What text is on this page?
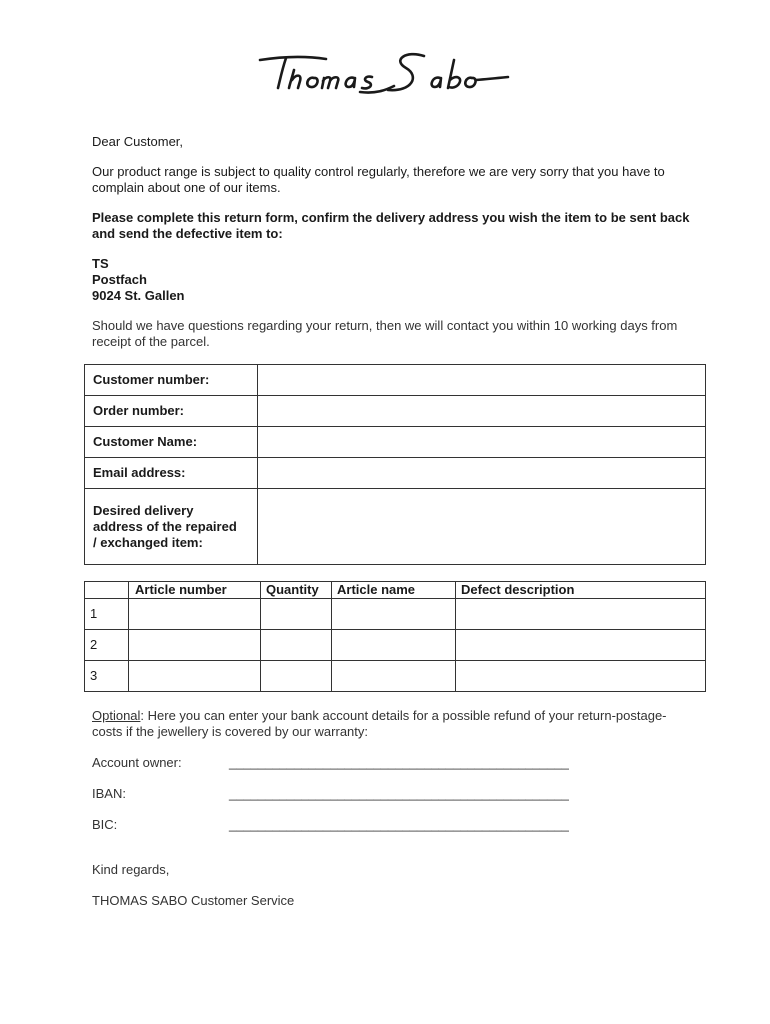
Dear Customer,
Our product range is subject to quality control regularly, therefore we are very sorry that you have to complain about one of our items.
Please complete this return form, confirm the delivery address you wish the item to be sent back and send the defective item to:
TS
Postfach
9024 St. Gallen
Should we have questions regarding your return, then we will contact you within 10 working days from receipt of the parcel.
Customer number:	
Order number:	
Customer Name:	
Email address:	

Desired delivery
address of the repaired
/ exchanged item:	

	Article number	Quantity	Article name	Defect description
1				
2				
3				
Optional: Here you can enter your bank account details for a possible refund of your return-postage-costs if the jewellery is covered by our warranty:
Account owner:	_______________________________________________
IBAN:	_______________________________________________
BIC:	_______________________________________________
Kind regards,
THOMAS SABO Customer Service
